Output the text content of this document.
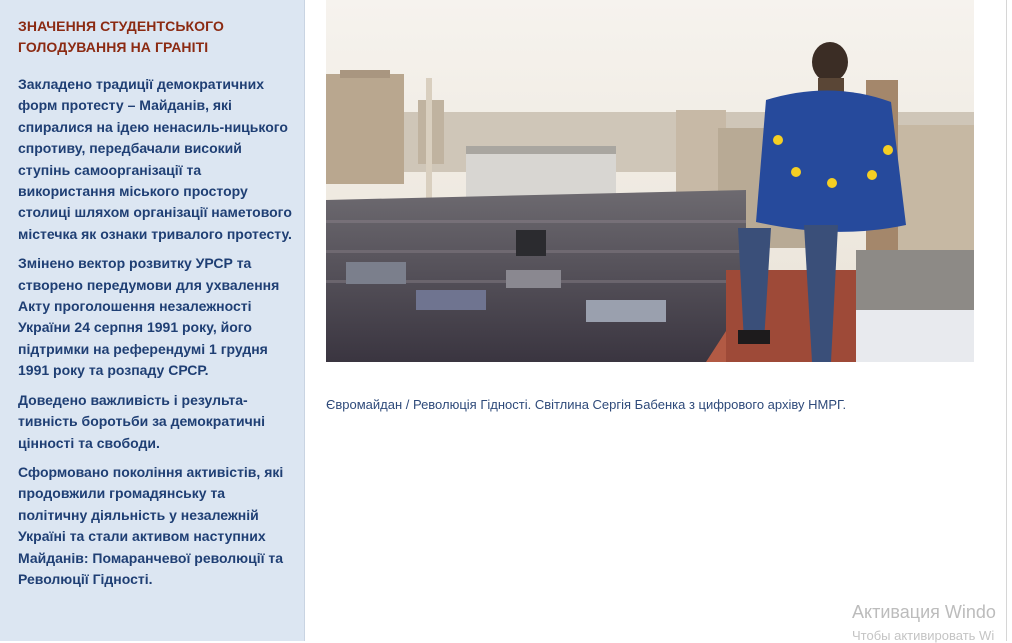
ЗНАЧЕННЯ СТУДЕНТСЬКОГО ГОЛОДУВАННЯ НА ГРАНІТІ

Закладено традиції демократичних форм протесту – Майданів, які спиралися на ідею ненасиль-ницького спротиву, передбачали високий ступінь самоорганізації та використання міського простору столиці шляхом організації наметового містечка як ознаки тривалого протесту.

Змінено вектор розвитку УРСР та створено передумови для ухвалення Акту проголошення незалежності України 24 серпня 1991 року, його підтримки на референдумі 1 грудня 1991 року та розпаду СРСР.

Доведено важливість і результа-тивність боротьби за демократичні цінності та свободи.

Сформовано покоління активістів, які продовжили громадянську та політичну діяльність у незалежній Україні та стали активом наступних Майданів: Помаранчевої революції та Революції Гідності.

Євромайдан / Революція Гідності. Світлина Сергія Бабенка з цифрового архіву НМРГ.
Активация Windo
Чтобы активировать Wi
